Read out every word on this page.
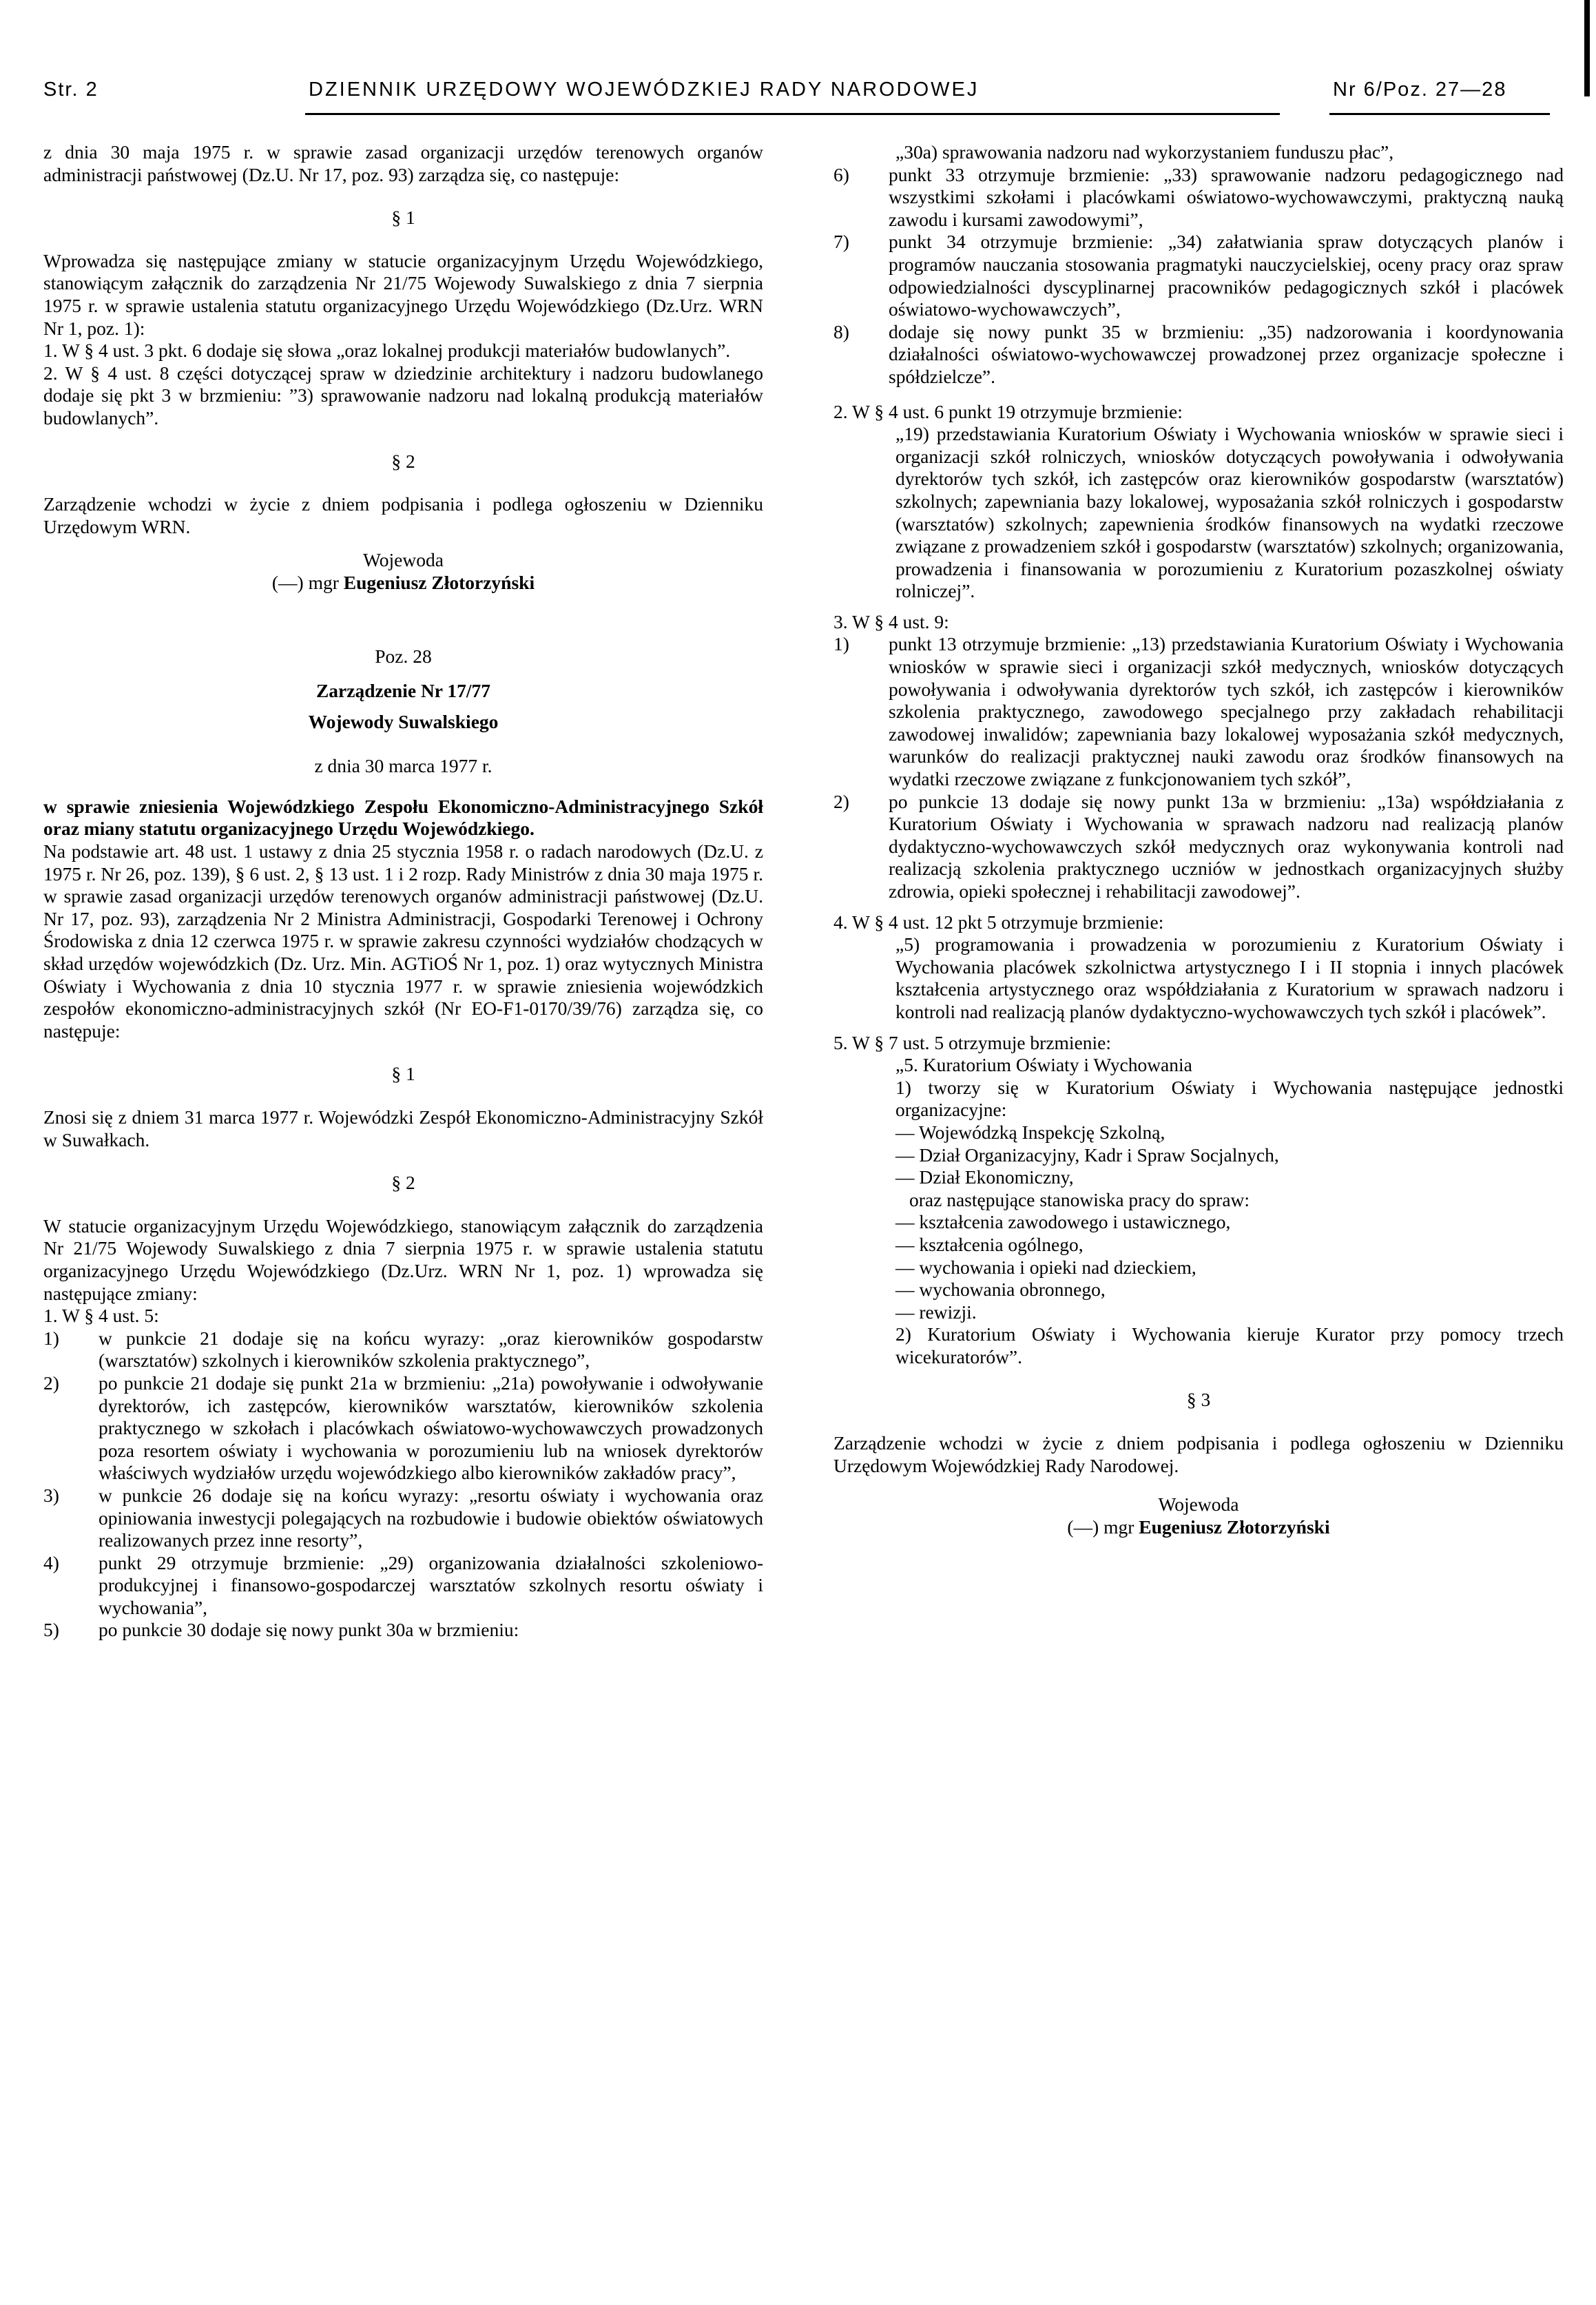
Str. 2	DZIENNIK URZĘDOWY WOJEWÓDZKIEJ RADY NARODOWEJ	Nr 6/Poz. 27—28

z dnia 30 maja 1975 r. w sprawie zasad organizacji urzędów terenowych organów administracji państwowej (Dz.U. Nr 17, poz. 93) zarządza się, co następuje:

§ 1

Wprowadza się następujące zmiany w statucie organizacyjnym Urzędu Wojewódzkiego, stanowiącym załącznik do zarządzenia Nr 21/75 Wojewody Suwalskiego z dnia 7 sierpnia 1975 r. w sprawie ustalenia statutu organizacyjnego Urzędu Wojewódzkiego (Dz.Urz. WRN Nr 1, poz. 1):

1. W § 4 ust. 3 pkt. 6 dodaje się słowa „oraz lokalnej produkcji materiałów budowlanych”.

2. W § 4 ust. 8 części dotyczącej spraw w dziedzinie architektury i nadzoru budowlanego dodaje się pkt 3 w brzmieniu: ”3) sprawowanie nadzoru nad lokalną produkcją materiałów budowlanych”.

§ 2

Zarządzenie wchodzi w życie z dniem podpisania i podlega ogłoszeniu w Dzienniku Urzędowym WRN.

Wojewoda

(—) mgr Eugeniusz Złotorzyński

Poz. 28

Zarządzenie Nr 17/77

Wojewody Suwalskiego

z dnia 30 marca 1977 r.

w sprawie zniesienia Wojewódzkiego Zespołu Ekonomiczno-Administracyjnego Szkół oraz miany statutu organizacyjnego Urzędu Wojewódzkiego.

Na podstawie art. 48 ust. 1 ustawy z dnia 25 stycznia 1958 r. o radach narodowych (Dz.U. z 1975 r. Nr 26, poz. 139), § 6 ust. 2, § 13 ust. 1 i 2 rozp. Rady Ministrów z dnia 30 maja 1975 r. w sprawie zasad organizacji urzędów terenowych organów administracji państwowej (Dz.U. Nr 17, poz. 93), zarządzenia Nr 2 Ministra Administracji, Gospodarki Terenowej i Ochrony Środowiska z dnia 12 czerwca 1975 r. w sprawie zakresu czynności wydziałów chodzących w skład urzędów wojewódzkich (Dz. Urz. Min. AGTiOŚ Nr 1, poz. 1) oraz wytycznych Ministra Oświaty i Wychowania z dnia 10 stycznia 1977 r. w sprawie zniesienia wojewódzkich zespołów ekonomiczno-administracyjnych szkół (Nr EO-F1-0170/39/76) zarządza się, co następuje:

§ 1

Znosi się z dniem 31 marca 1977 r. Wojewódzki Zespół Ekonomiczno-Administracyjny Szkół w Suwałkach.

§ 2

W statucie organizacyjnym Urzędu Wojewódzkiego, stanowiącym załącznik do zarządzenia Nr 21/75 Wojewody Suwalskiego z dnia 7 sierpnia 1975 r. w sprawie ustalenia statutu organizacyjnego Urzędu Wojewódzkiego (Dz.Urz. WRN Nr 1, poz. 1) wprowadza się następujące zmiany:

1. W § 4 ust. 5:

1)	w punkcie 21 dodaje się na końcu wyrazy: „oraz kierowników gospodarstw (warsztatów) szkolnych i kierowników szkolenia praktycznego”,
2)	po punkcie 21 dodaje się punkt 21a w brzmieniu: „21a) powoływanie i odwoływanie dyrektorów, ich zastępców, kierowników warsztatów, kierowników szkolenia praktycznego w szkołach i placówkach oświatowo-wychowawczych prowadzonych poza resortem oświaty i wychowania w porozumieniu lub na wniosek dyrektorów właściwych wydziałów urzędu wojewódzkiego albo kierowników zakładów pracy”,
3)	w punkcie 26 dodaje się na końcu wyrazy: „resortu oświaty i wychowania oraz opiniowania inwestycji polegających na rozbudowie i budowie obiektów oświatowych realizowanych przez inne resorty”,
4)	punkt 29 otrzymuje brzmienie: „29) organizowania działalności szkoleniowo-produkcyjnej i finansowo-gospodarczej warsztatów szkolnych resortu oświaty i wychowania”,
5)	po punkcie 30 dodaje się nowy punkt 30a w brzmieniu:

„30a) sprawowania nadzoru nad wykorzystaniem funduszu płac”,

6)	punkt 33 otrzymuje brzmienie: „33) sprawowanie nadzoru pedagogicznego nad wszystkimi szkołami i placówkami oświatowo-wychowawczymi, praktyczną nauką zawodu i kursami zawodowymi”,
7)	punkt 34 otrzymuje brzmienie: „34) załatwiania spraw dotyczących planów i programów nauczania stosowania pragmatyki nauczycielskiej, oceny pracy oraz spraw odpowiedzialności dyscyplinarnej pracowników pedagogicznych szkół i placówek oświatowo-wychowawczych”,
8)	dodaje się nowy punkt 35 w brzmieniu: „35) nadzorowania i koordynowania działalności oświatowo-wychowawczej prowadzonej przez organizacje społeczne i spółdzielcze”.

2. W § 4 ust. 6 punkt 19 otrzymuje brzmienie:

„19) przedstawiania Kuratorium Oświaty i Wychowania wniosków w sprawie sieci i organizacji szkół rolniczych, wniosków dotyczących powoływania i odwoływania dyrektorów tych szkół, ich zastępców oraz kierowników gospodarstw (warsztatów) szkolnych; zapewniania bazy lokalowej, wyposażania szkół rolniczych i gospodarstw (warsztatów) szkolnych; zapewnienia środków finansowych na wydatki rzeczowe związane z prowadzeniem szkół i gospodarstw (warsztatów) szkolnych; organizowania, prowadzenia i finansowania w porozumieniu z Kuratorium pozaszkolnej oświaty rolniczej”.

3. W § 4 ust. 9:

1)	punkt 13 otrzymuje brzmienie: „13) przedstawiania Kuratorium Oświaty i Wychowania wniosków w sprawie sieci i organizacji szkół medycznych, wniosków dotyczących powoływania i odwoływania dyrektorów tych szkół, ich zastępców i kierowników szkolenia praktycznego, zawodowego specjalnego przy zakładach rehabilitacji zawodowej inwalidów; zapewniania bazy lokalowej wyposażania szkół medycznych, warunków do realizacji praktycznej nauki zawodu oraz środków finansowych na wydatki rzeczowe związane z funkcjonowaniem tych szkół”,
2)	po punkcie 13 dodaje się nowy punkt 13a w brzmieniu: „13a) współdziałania z Kuratorium Oświaty i Wychowania w sprawach nadzoru nad realizacją planów dydaktyczno-wychowawczych szkół medycznych oraz wykonywania kontroli nad realizacją szkolenia praktycznego uczniów w jednostkach organizacyjnych służby zdrowia, opieki społecznej i rehabilitacji zawodowej”.

4. W § 4 ust. 12 pkt 5 otrzymuje brzmienie:

„5) programowania i prowadzenia w porozumieniu z Kuratorium Oświaty i Wychowania placówek szkolnictwa artystycznego I i II stopnia i innych placówek kształcenia artystycznego oraz współdziałania z Kuratorium w sprawach nadzoru i kontroli nad realizacją planów dydaktyczno-wychowawczych tych szkół i placówek”.

5. W § 7 ust. 5 otrzymuje brzmienie:

„5. Kuratorium Oświaty i Wychowania

1) tworzy się w Kuratorium Oświaty i Wychowania następujące jednostki organizacyjne:

— Wojewódzką Inspekcję Szkolną,

— Dział Organizacyjny, Kadr i Spraw Socjalnych,

— Dział Ekonomiczny,

oraz następujące stanowiska pracy do spraw:

— kształcenia zawodowego i ustawicznego,

— kształcenia ogólnego,

— wychowania i opieki nad dzieckiem,

— wychowania obronnego,

— rewizji.

2) Kuratorium Oświaty i Wychowania kieruje Kurator przy pomocy trzech wicekuratorów”.

§ 3

Zarządzenie wchodzi w życie z dniem podpisania i podlega ogłoszeniu w Dzienniku Urzędowym Wojewódzkiej Rady Narodowej.

Wojewoda

(—) mgr Eugeniusz Złotorzyński
